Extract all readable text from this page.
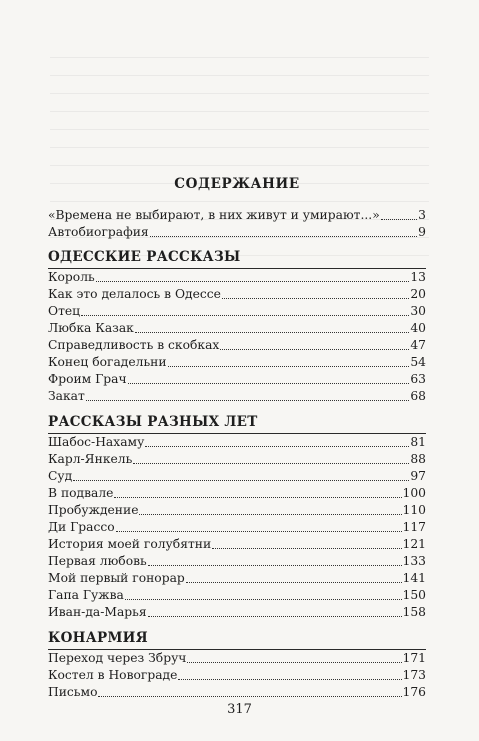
СОДЕРЖАНИЕ
«Времена не выбирают, в них живут и умирают...»	3
Автобиография	9
ОДЕССКИЕ РАССКАЗЫ
Король	13
Как это делалось в Одессе	20
Отец	30
Любка Казак	40
Справедливость в скобках	47
Конец богадельни	54
Фроим Грач	63
Закат	68
РАССКАЗЫ РАЗНЫХ ЛЕТ
Шабос-Нахаму	81
Карл-Янкель	88
Суд	97
В подвале	100
Пробуждение	110
Ди Грассо	117
История моей голубятни	121
Первая любовь	133
Мой первый гонорар	141
Гапа Гужва	150
Иван-да-Марья	158
КОНАРМИЯ
Переход через Збруч	171
Костел в Новограде	173
Письмо	176
317
